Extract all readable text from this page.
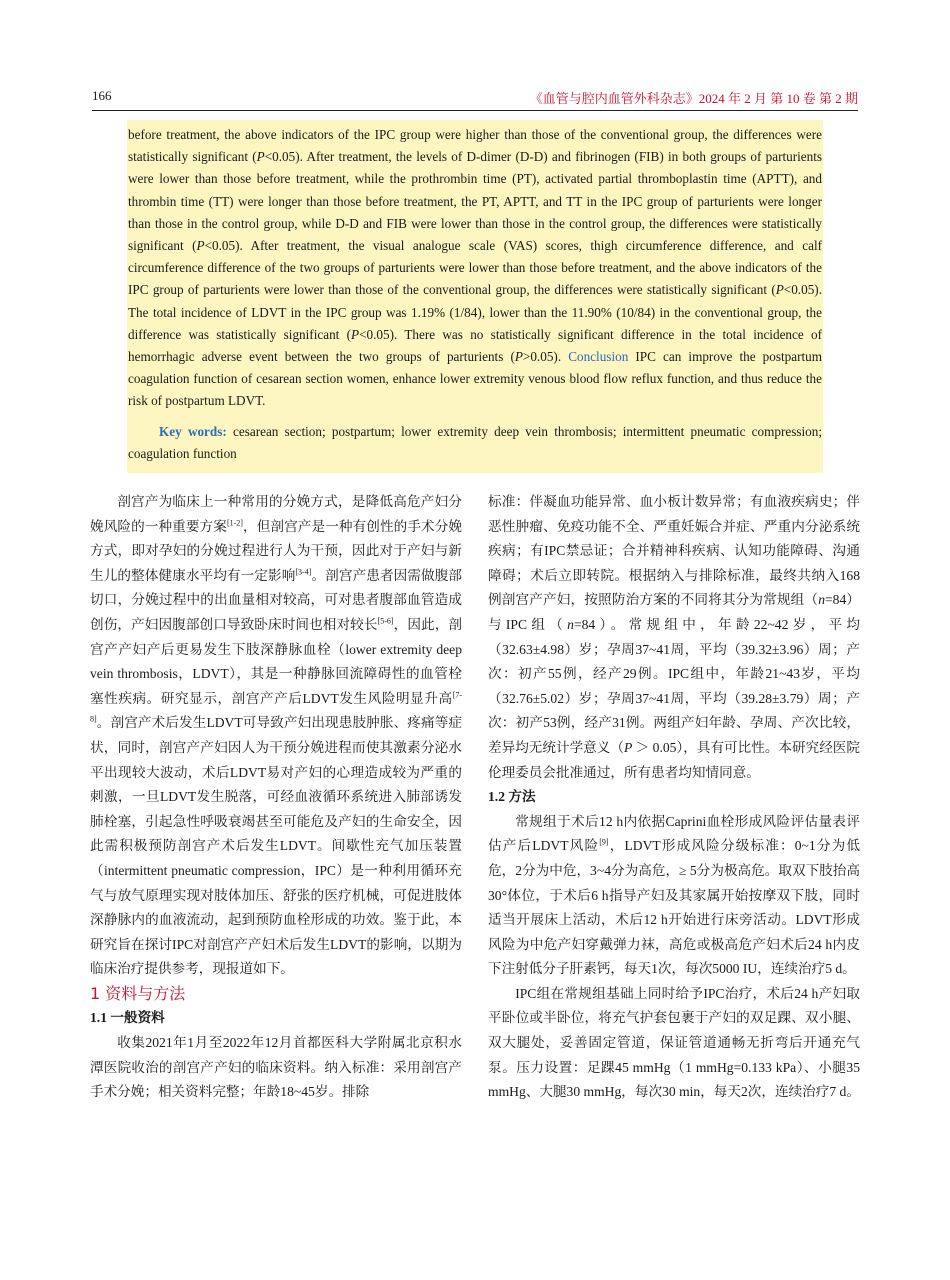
166	《血管与腔内血管外科杂志》2024 年 2 月 第 10 卷 第 2 期
before treatment, the above indicators of the IPC group were higher than those of the conventional group, the differences were statistically significant (P<0.05). After treatment, the levels of D-dimer (D-D) and fibrinogen (FIB) in both groups of parturients were lower than those before treatment, while the prothrombin time (PT), activated partial thromboplastin time (APTT), and thrombin time (TT) were longer than those before treatment, the PT, APTT, and TT in the IPC group of parturients were longer than those in the control group, while D-D and FIB were lower than those in the control group, the differences were statistically significant (P<0.05). After treatment, the visual analogue scale (VAS) scores, thigh circumference difference, and calf circumference difference of the two groups of parturients were lower than those before treatment, and the above indicators of the IPC group of parturients were lower than those of the conventional group, the differences were statistically significant (P<0.05). The total incidence of LDVT in the IPC group was 1.19% (1/84), lower than the 11.90% (10/84) in the conventional group, the difference was statistically significant (P<0.05). There was no statistically significant difference in the total incidence of hemorrhagic adverse event between the two groups of parturients (P>0.05). Conclusion IPC can improve the postpartum coagulation function of cesarean section women, enhance lower extremity venous blood flow reflux function, and thus reduce the risk of postpartum LDVT.
Key words: cesarean section; postpartum; lower extremity deep vein thrombosis; intermittent pneumatic compression; coagulation function

剖宫产为临床上一种常用的分娩方式，是降低高危产妇分娩风险的一种重要方案[1-2]，但剖宫产是一种有创性的手术分娩方式，即对孕妇的分娩过程进行人为干预，因此对于产妇与新生儿的整体健康水平均有一定影响[3-4]。剖宫产患者因需做腹部切口，分娩过程中的出血量相对较高，可对患者腹部血管造成创伤，产妇因腹部创口导致卧床时间也相对较长[5-6]，因此，剖宫产产妇产后更易发生下肢深静脉血栓（lower extremity deep vein thrombosis，LDVT），其是一种静脉回流障碍性的血管栓塞性疾病。研究显示，剖宫产产后LDVT发生风险明显升高[7-8]。剖宫产术后发生LDVT可导致产妇出现患肢肿胀、疼痛等症状，同时，剖宫产产妇因人为干预分娩进程而使其激素分泌水平出现较大波动，术后LDVT易对产妇的心理造成较为严重的刺激，一旦LDVT发生脱落，可经血液循环系统进入肺部诱发肺栓塞，引起急性呼吸衰竭甚至可能危及产妇的生命安全，因此需积极预防剖宫产术后发生LDVT。间歇性充气加压装置（intermittent pneumatic compression，IPC）是一种利用循环充气与放气原理实现对肢体加压、舒张的医疗机械，可促进肢体深静脉内的血液流动，起到预防血栓形成的功效。鉴于此，本研究旨在探讨IPC对剖宫产产妇术后发生LDVT的影响，以期为临床治疗提供参考，现报道如下。

1 资料与方法

1.1 一般资料

收集2021年1月至2022年12月首都医科大学附属北京积水潭医院收治的剖宫产产妇的临床资料。纳入标准：采用剖宫产手术分娩；相关资料完整；年龄18~45岁。排除

标准：伴凝血功能异常、血小板计数异常；有血液疾病史；伴恶性肿瘤、免疫功能不全、严重妊娠合并症、严重内分泌系统疾病；有IPC禁忌证；合并精神科疾病、认知功能障碍、沟通障碍；术后立即转院。根据纳入与排除标准，最终共纳入168例剖宫产产妇，按照防治方案的不同将其分为常规组（n=84）与IPC组（n=84）。常规组中，年龄22~42岁，平均（32.63±4.98）岁；孕周37~41周，平均（39.32±3.96）周；产次：初产55例，经产29例。IPC组中，年龄21~43岁，平均（32.76±5.02）岁；孕周37~41周，平均（39.28±3.79）周；产次：初产53例，经产31例。两组产妇年龄、孕周、产次比较，差异均无统计学意义（P ＞ 0.05），具有可比性。本研究经医院伦理委员会批准通过，所有患者均知情同意。

1.2 方法

常规组于术后12 h内依据Caprini血栓形成风险评估量表评估产后LDVT风险[9]，LDVT形成风险分级标准：0~1分为低危，2分为中危，3~4分为高危，≥ 5分为极高危。取双下肢抬高30°体位，于术后6 h指导产妇及其家属开始按摩双下肢，同时适当开展床上活动，术后12 h开始进行床旁活动。LDVT形成风险为中危产妇穿戴弹力袜，高危或极高危产妇术后24 h内皮下注射低分子肝素钙，每天1次，每次5000 IU，连续治疗5 d。

IPC组在常规组基础上同时给予IPC治疗，术后24 h产妇取平卧位或半卧位，将充气护套包裹于产妇的双足踝、双小腿、双大腿处，妥善固定管道，保证管道通畅无折弯后开通充气泵。压力设置：足踝45 mmHg（1 mmHg=0.133 kPa）、小腿35 mmHg、大腿30 mmHg，每次30 min，每天2次，连续治疗7 d。
